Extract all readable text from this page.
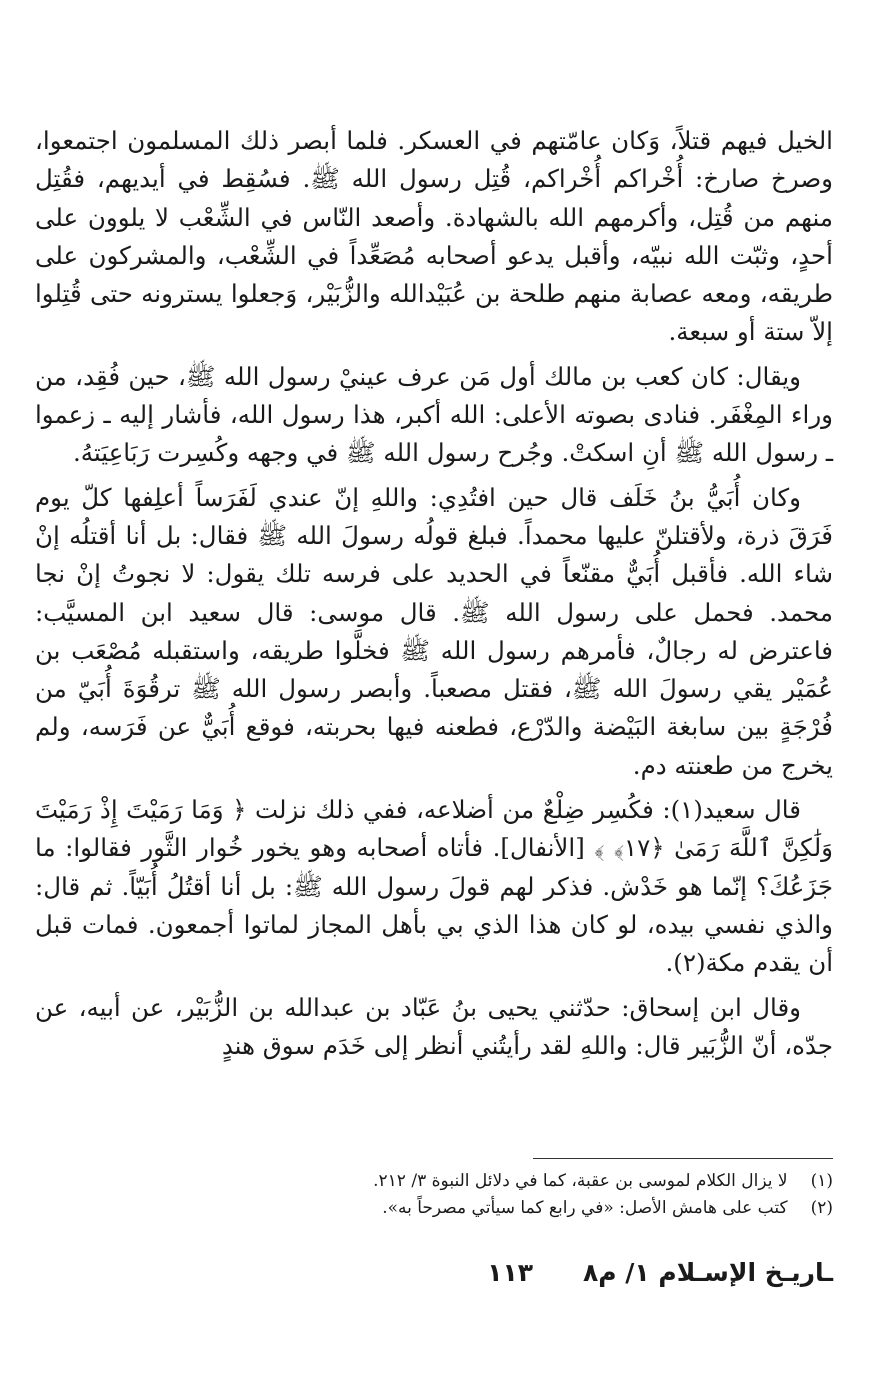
الخيل فيهم قتلاً، وَكان عامّتهم في العسكر. فلما أبصر ذلك المسلمون اجتمعوا، وصرخ صارخ: أُخْراكم أُخْراكم، قُتِل رسول الله ﷺ. فسُقِط في أيديهم، فقُتِل منهم من قُتِل، وأكرمهم الله بالشهادة. وأصعد النّاس في الشِّعْب لا يلوون على أحدٍ، وثبّت الله نبيّه، وأقبل يدعو أصحابه مُصَعِّداً في الشِّعْب، والمشركون على طريقه، ومعه عصابة منهم طلحة بن عُبَيْدالله والزُّبَيْر، وَجعلوا يسترونه حتى قُتِلوا إلاّ ستة أو سبعة.

ويقال: كان كعب بن مالك أول مَن عرف عينيْ رسول الله ﷺ، حين فُقِد، من وراء المِغْفَر. فنادى بصوته الأعلى: الله أكبر، هذا رسول الله، فأشار إليه ـ زعموا ـ رسول الله ﷺ أنِ اسكتْ. وجُرح رسول الله ﷺ في وجهه وكُسِرت رَبَاعِيَتهُ.

وكان أُبَيُّ بنُ خَلَف قال حين افتُدِي: واللهِ إنّ عندي لَفَرَساً أعلِفها كلّ يوم فَرَقَ ذرة، ولأقتلنّ عليها محمداً. فبلغ قولُه رسولَ الله ﷺ فقال: بل أنا أقتلُه إنْ شاء الله. فأقبل أُبَيٌّ مقنّعاً في الحديد على فرسه تلك يقول: لا نجوتُ إنْ نجا محمد. فحمل على رسول الله ﷺ. قال موسى: قال سعيد ابن المسيَّب: فاعترض له رجالٌ، فأمرهم رسول الله ﷺ فخلَّوا طريقه، واستقبله مُصْعَب بن عُمَيْر يقي رسولَ الله ﷺ، فقتل مصعباً. وأبصر رسول الله ﷺ ترقُوَةَ أُبَيّ من فُرْجَةٍ بين سابغة البَيْضة والدّرْع، فطعنه فيها بحربته، فوقع أُبَيٌّ عن فَرَسه، ولم يخرج من طعنته دم.

قال سعيد(١): فكُسِر ضِلْعٌ من أضلاعه، ففي ذلك نزلت ﴿ وَمَا رَمَيْتَ إِذْ رَمَيْتَ وَلَٰكِنَّ ٱللَّهَ رَمَىٰ ﴿١٧﴾ ﴾ [الأنفال]. فأتاه أصحابه وهو يخور خُوار الثَّور فقالوا: ما جَزَعُكَ؟ إنّما هو خَدْش. فذكر لهم قولَ رسول الله ﷺ: بل أنا أقتُلُ أُبَيّاً. ثم قال: والذي نفسي بيده، لو كان هذا الذي بي بأهل المجاز لماتوا أجمعون. فمات قبل أن يقدم مكة(٢).

وقال ابن إسحاق: حدّثني يحيى بنُ عَبّاد بن عبدالله بن الزُّبَيْر، عن أبيه، عن جدّه، أنّ الزُّبَير قال: واللهِ لقد رأيتُني أنظر إلى خَدَم سوق هندٍ

(١) لا يزال الكلام لموسى بن عقبة، كما في دلائل النبوة ٣/ ٢١٢.
(٢) كتب على هامش الأصل: «في رابع كما سيأتي مصرحاً به».
ـاريـخ الإسـلام ١/ م٨
١١٣
